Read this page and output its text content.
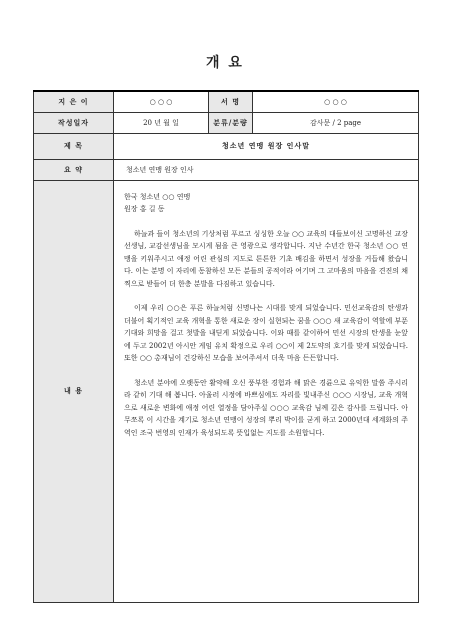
개 요
지 은 이	○ ○ ○	서 명	○ ○ ○
작성일자	20 년 월 일	분류/분량	감사문 / 2 page
제 목	청소년 연맹 원장 인사말		
요 약	청소년 연맹 원장 인사		
내 용	한국 청소년 ○○ 연맹

원장 홍 길 동

하늘과 들이 청소년의 기상처럼 푸르고 싱싱한 오늘 ○○ 교육의 대들보이신 고명하신 교장 선생님, 교감선생님을 모시게 됨을 큰 영광으로 생각합니다. 지난 수년간 한국 청소년 ○○ 연맹을 키워주시고 애정 어린 관심의 지도로 튼튼한 기초 배김을 하면서 성장을 거듭해 왔습니다. 이는 분명 이 자리에 동참하신 모든 분들의 공적이라 여기며 그 고마움의 마음을 견진의 채찍으로 받들어 더 한층 분발을 다짐하고 있습니다.

이제 우리 ○○은 푸른 하늘처럼 신명나는 시대를 맞게 되었습니다. 민선교육감의 탄생과 더불어 획기적인 교육 개혁을 통한 새로운 장이 실현되는 꿈을 ○○○ 새 교육감이 역할에 부푼 기대와 희망을 걸고 첫발을 내딛게 되었습니다. 이와 때를 같이하여 민선 시장의 탄생을 눈앞에 두고 2002년 아시안 게임 유치 확정으로 우리 ○○이 제 2도약의 호기를 맞게 되었습니다. 또한 ○○ 총재님이 건강하신 모습을 보여주셔서 더욱 마음 든든합니다.

청소년 분야에 오랫동안 활약해 오신 풍부한 경험과 해 맑은 경륜으로 유익한 말씀 주시리라 같히 기대 해 봅니다. 아울러 시정에 바쁘심에도 자리를 빛내주신 ○○○ 시장님, 교육 개혁으로 새로운 변화에 애정 어린 열정을 담아주실 ○○○ 교육감 님께 깊은 감사를 드립니다. 아무쪼록 이 시간을 계기로 청소년 연맹이 성장의 뿌리 박이를 굳게 하고 2000년대 세계화의 주역인 조국 번영의 인재가 육성되도록 뜻입없는 지도를 소원합니다.		
